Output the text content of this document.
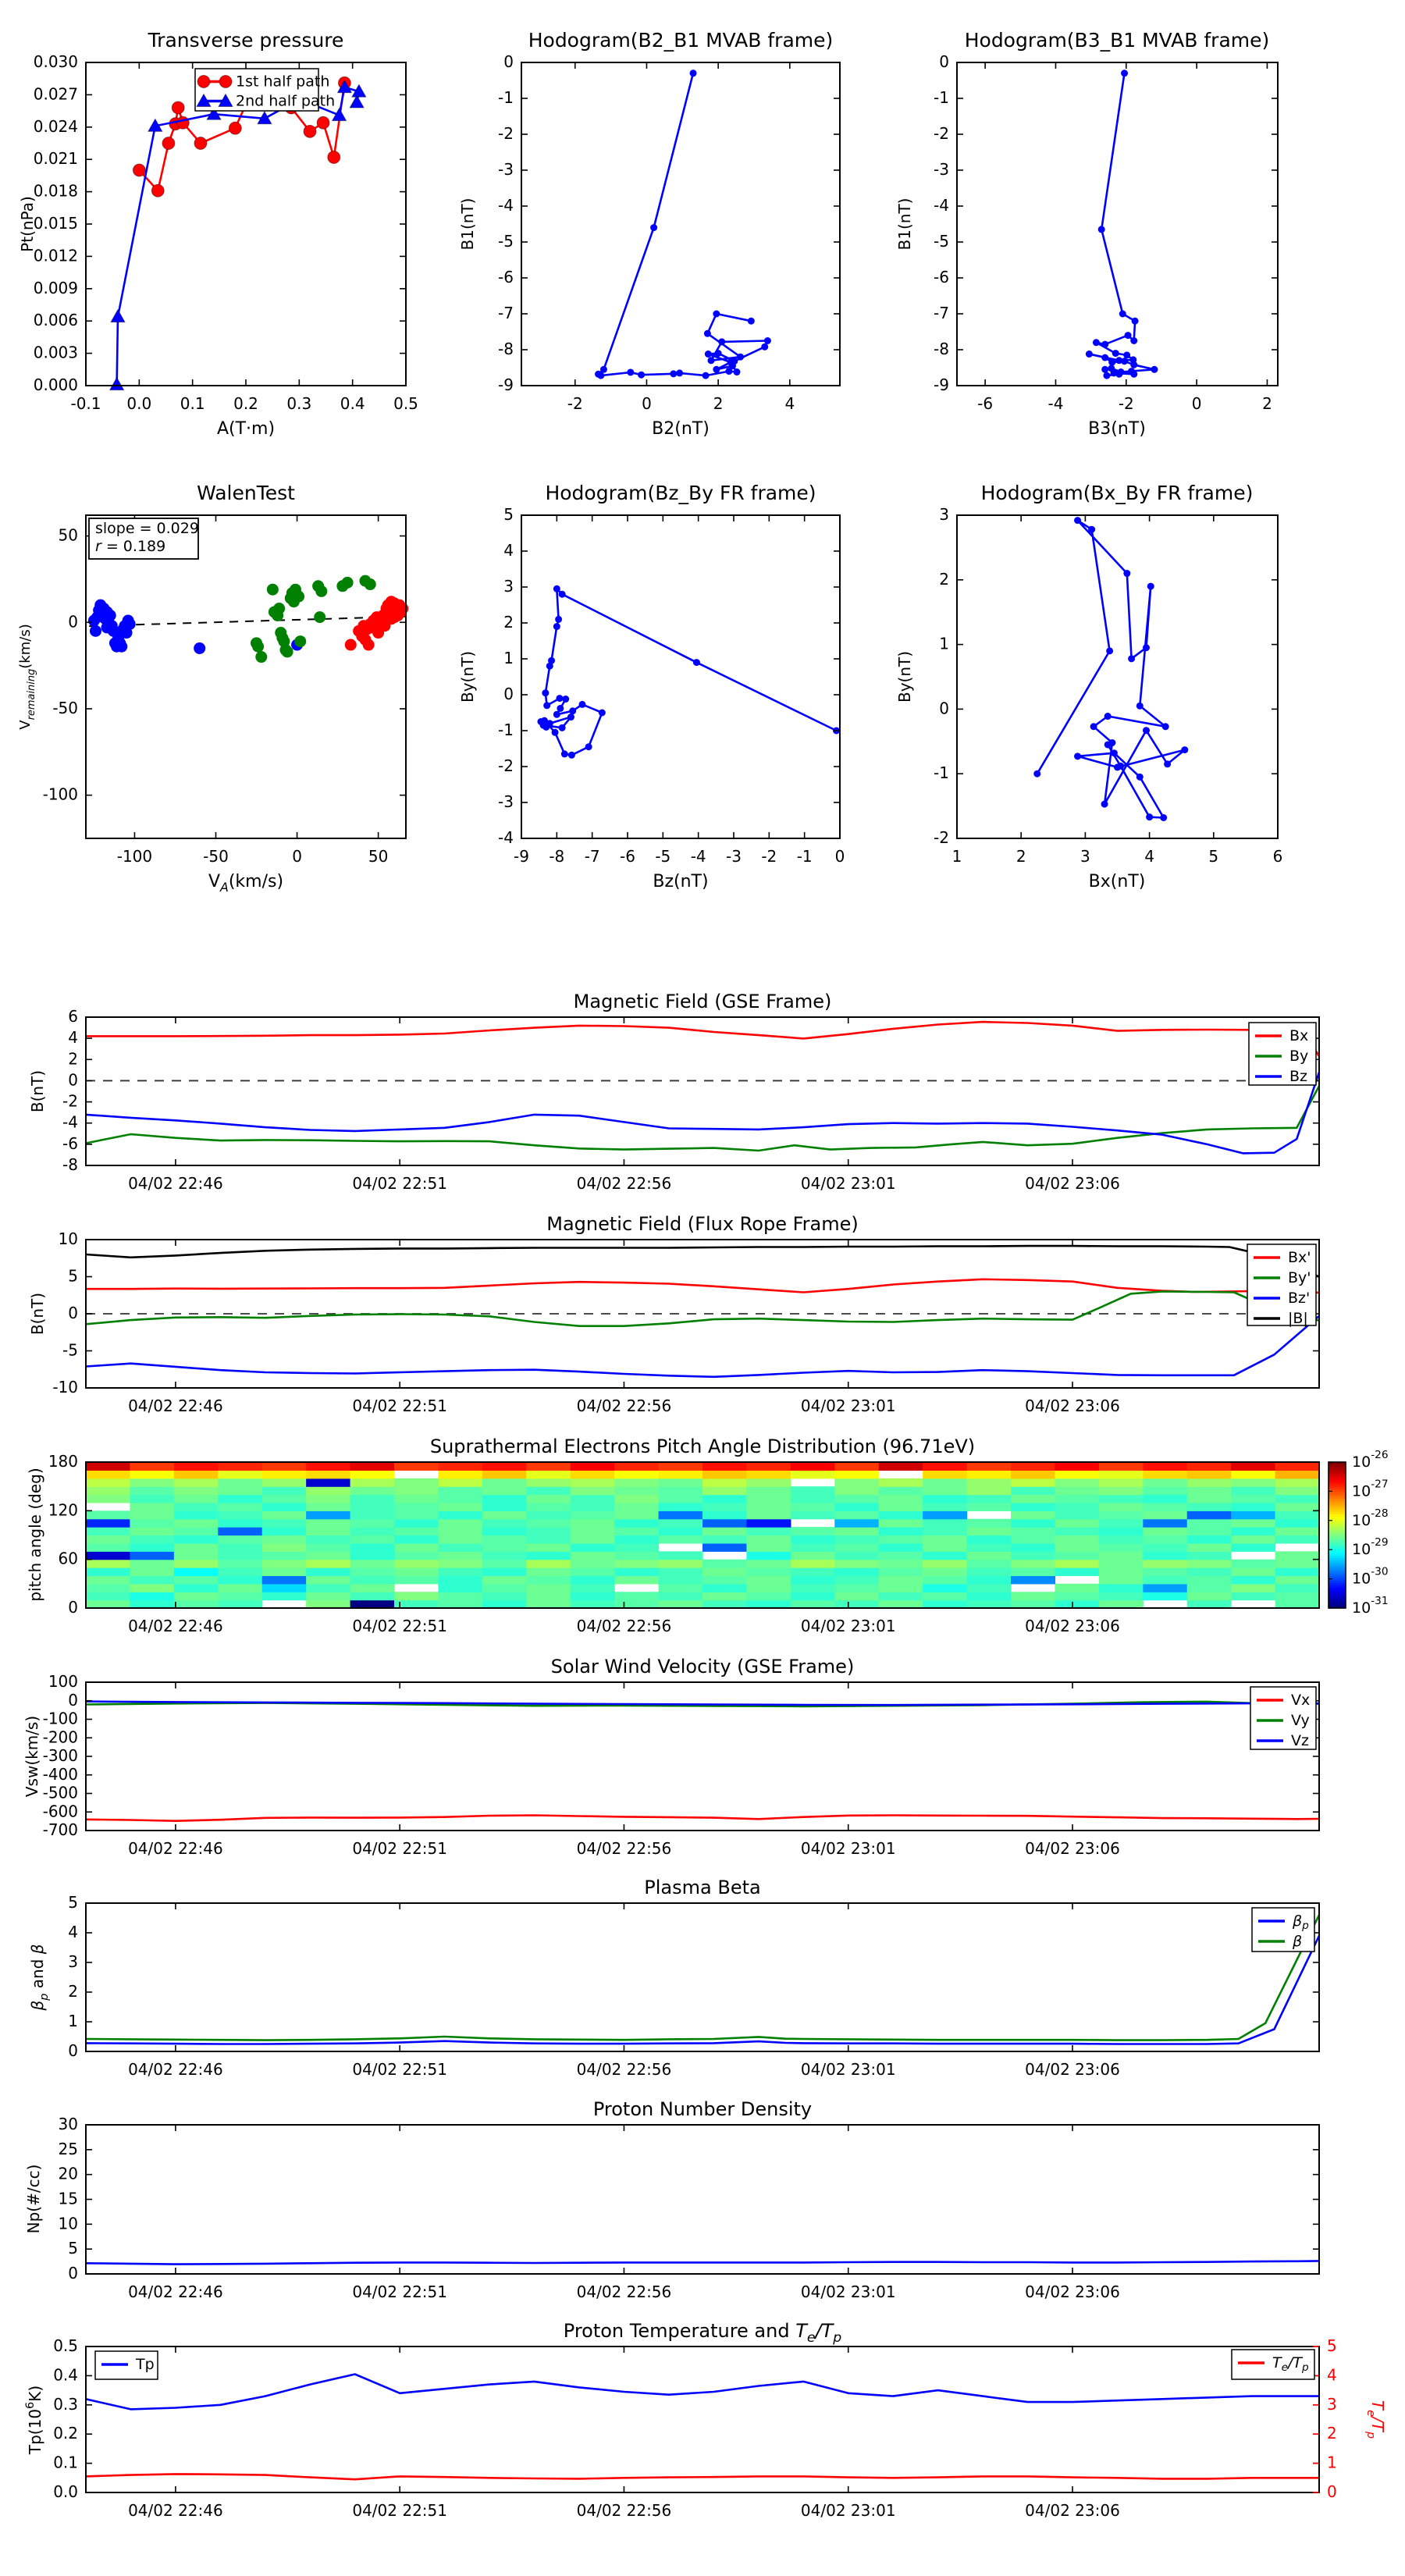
-0.1 0.0 0.1 0.2 0.3 0.4 0.5
0.000
0.003
0.006
0.009
0.012
0.015
0.018
0.021
0.024
0.027
0.030
Transverse pressure
A(T·m)
Pt(nPa)
1st half path
2nd half path
-2	0	2	4
0
-1
-2
-3
-4
-5
-6
-7
-8
-9
Hodogram(B2_B1 MVAB frame)
B2(nT)
B1(nT)
-6	-4	-2	0	2
0
-1
-2
-3
-4
-5
-6
-7
-8
-9
Hodogram(B3_B1 MVAB frame)
B3(nT)
B1(nT)
-100	-50	0	50
50
0
-50
-100
WalenTest
$V_A(km/s)$
$V_{remaining}(km/s)$
slope = 0.029
r = 0.189
-9 -8 -7 -6 -5 -4 -3 -2 -1 0
-4
-3
-2
-1
0
1
2
3
4
5
Hodogram(Bz_By FR frame)
Bz(nT)
By(nT)
1	2	3	4	5	6
-2
-1
0
1
2
3
Hodogram(Bx_By FR frame)
Bx(nT)
By(nT)
04/02 22:46	04/02 22:51	04/02 22:56	04/02 23:01	04/02 23:06
-8
-6
-4
-2
0
2
4
6
Magnetic Field (GSE Frame)
B(nT)
Bx
By
Bz
04/02 22:46	04/02 22:51	04/02 22:56	04/02 23:01	04/02 23:06
-10
-5
0
5
10
Magnetic Field (Flux Rope Frame)
B(nT)
Bx'
By'
Bz'
|B|
04/02 22:46	04/02 22:51	04/02 22:56	04/02 23:01	04/02 23:06
0
60
120
180
Suprathermal Electrons Pitch Angle Distribution (96.71eV)
pitch angle (deg)
$10^{-26}$
$10^{-27}$
$10^{-28}$
$10^{-29}$
$10^{-30}$
$10^{-31}$
04/02 22:46	04/02 22:51	04/02 22:56	04/02 23:01	04/02 23:06
-700
-600
-500
-400
-300
-200
-100
0
100
Solar Wind Velocity (GSE Frame)
Vsw(km/s)
Vx
Vy
Vz
04/02 22:46	04/02 22:51	04/02 22:56	04/02 23:01	04/02 23:06
0
1
2
3
4
5
Plasma Beta
$\beta_p$ and β
$\beta_p$
β
04/02 22:46	04/02 22:51	04/02 22:56	04/02 23:01	04/02 23:06
0
5
10
15
20
25
30
Proton Number Density
Np(#/cc)
04/02 22:46	04/02 22:51	04/02 22:56	04/02 23:01	04/02 23:06
0.0
0.1
0.2
0.3
0.4
0.5
0
1
2
3
4
5
$T_e/T_p$
Proton Temperature and $T_e/T_p$
$Tp(10^6K)$
Tp	$T_e/T_p$
